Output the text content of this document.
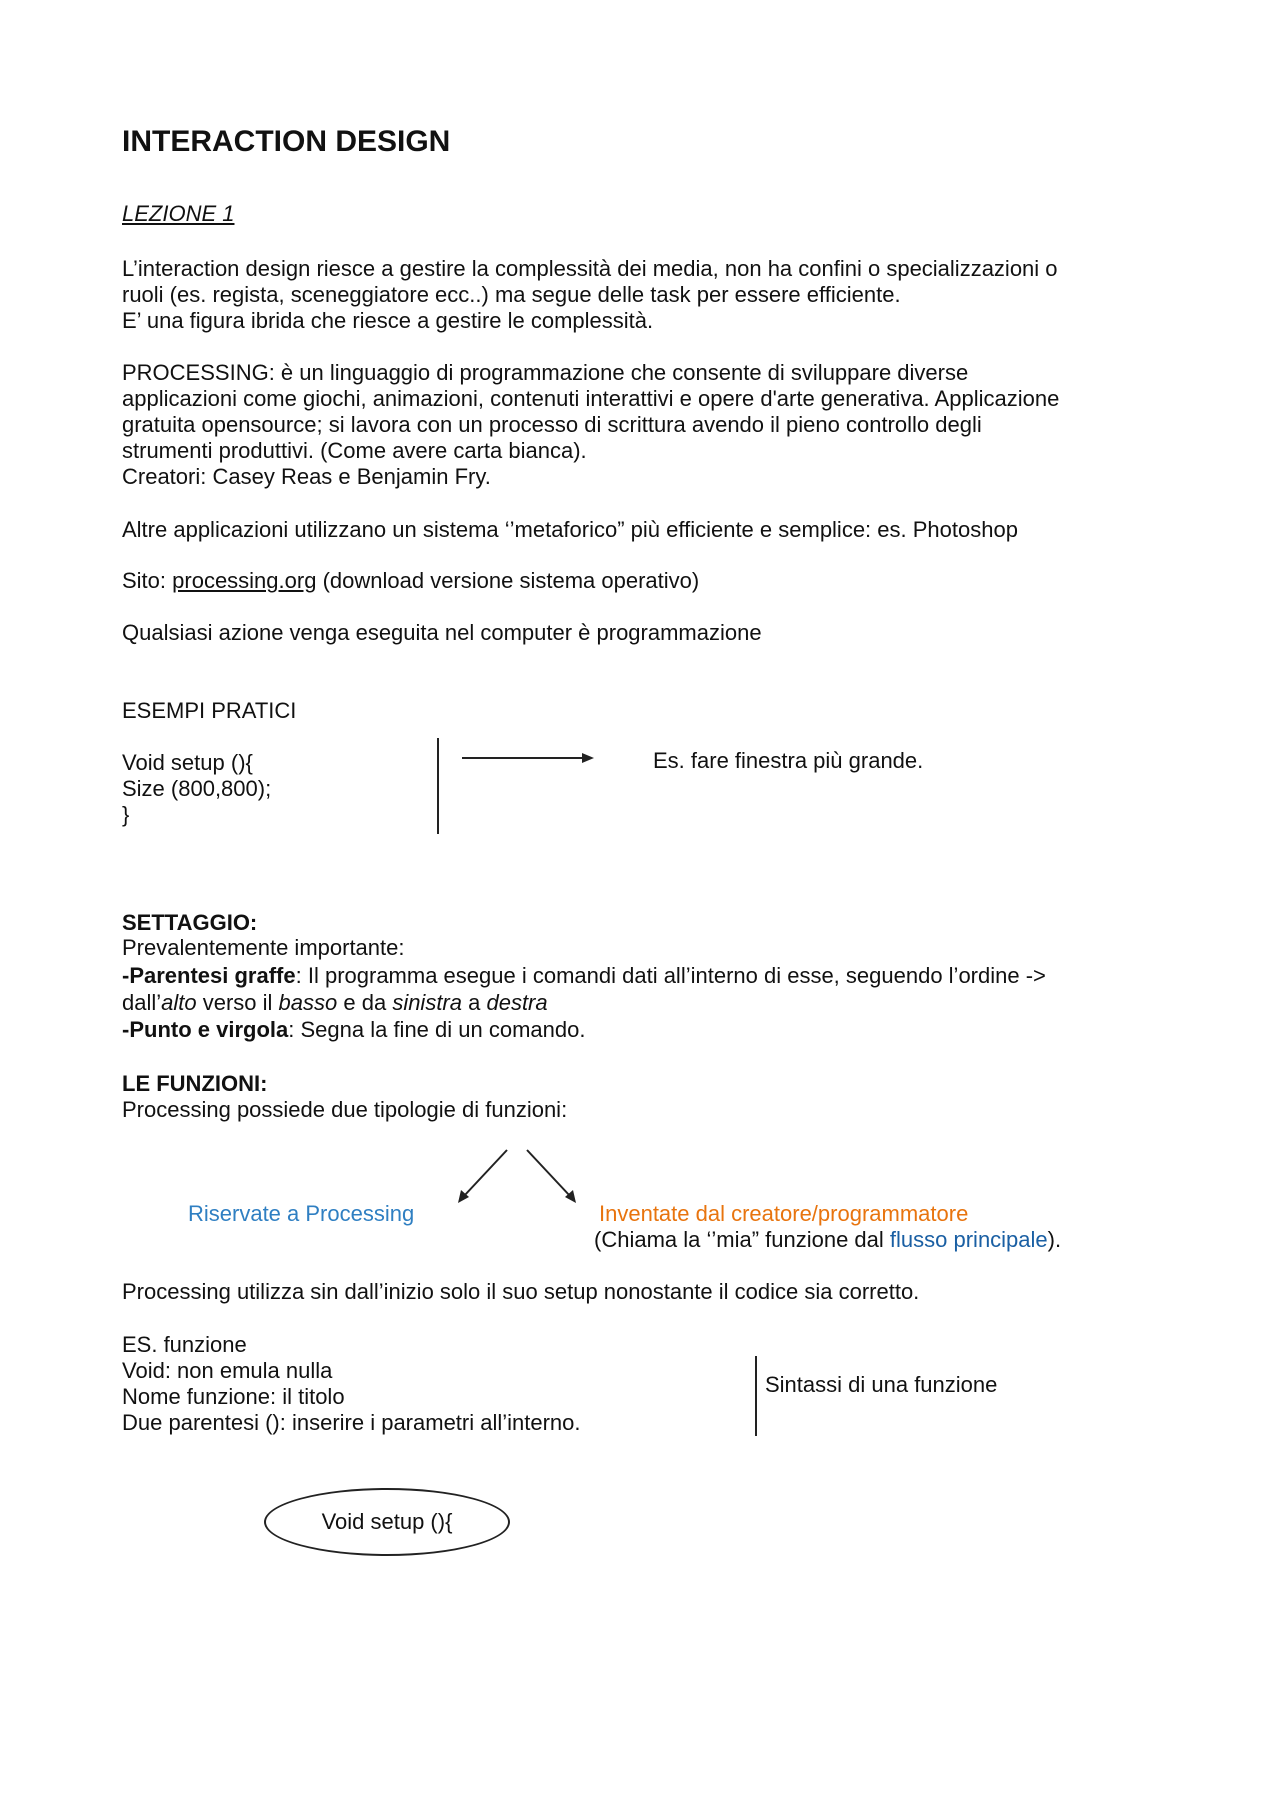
INTERACTION DESIGN
LEZIONE 1
L’interaction design riesce a gestire la complessità dei media, non ha confini o specializzazioni o
ruoli (es. regista, sceneggiatore ecc..) ma segue delle task per essere efficiente.
E’ una figura ibrida che riesce a gestire le complessità.
PROCESSING: è un linguaggio di programmazione che consente di sviluppare diverse
applicazioni come giochi, animazioni, contenuti interattivi e opere d'arte generativa. Applicazione
gratuita opensource; si lavora con un processo di scrittura avendo il pieno controllo degli
strumenti produttivi. (Come avere carta bianca).
Creatori: Casey Reas e Benjamin Fry.
Altre applicazioni utilizzano un sistema ‘’metaforico” più efficiente e semplice: es. Photoshop
Sito: processing.org (download versione sistema operativo)
Qualsiasi azione venga eseguita nel computer è programmazione
ESEMPI PRATICI
Void setup (){
Size (800,800);
}
Es. fare finestra più grande.
SETTAGGIO:
Prevalentemente importante:
-Parentesi graffe: Il programma esegue i comandi dati all’interno di esse, seguendo l’ordine ->
dall’alto verso il basso e da sinistra a destra
-Punto e virgola: Segna la fine di un comando.
LE FUNZIONI:
Processing possiede due tipologie di funzioni:
Riservate a Processing	Inventate dal creatore/programmatore
(Chiama la ‘’mia” funzione dal flusso principale).
Processing utilizza sin dall’inizio solo il suo setup nonostante il codice sia corretto.
ES. funzione
Void: non emula nulla
Nome funzione: il titolo
Due parentesi (): inserire i parametri all’interno.
Sintassi di una funzione
Void setup (){
